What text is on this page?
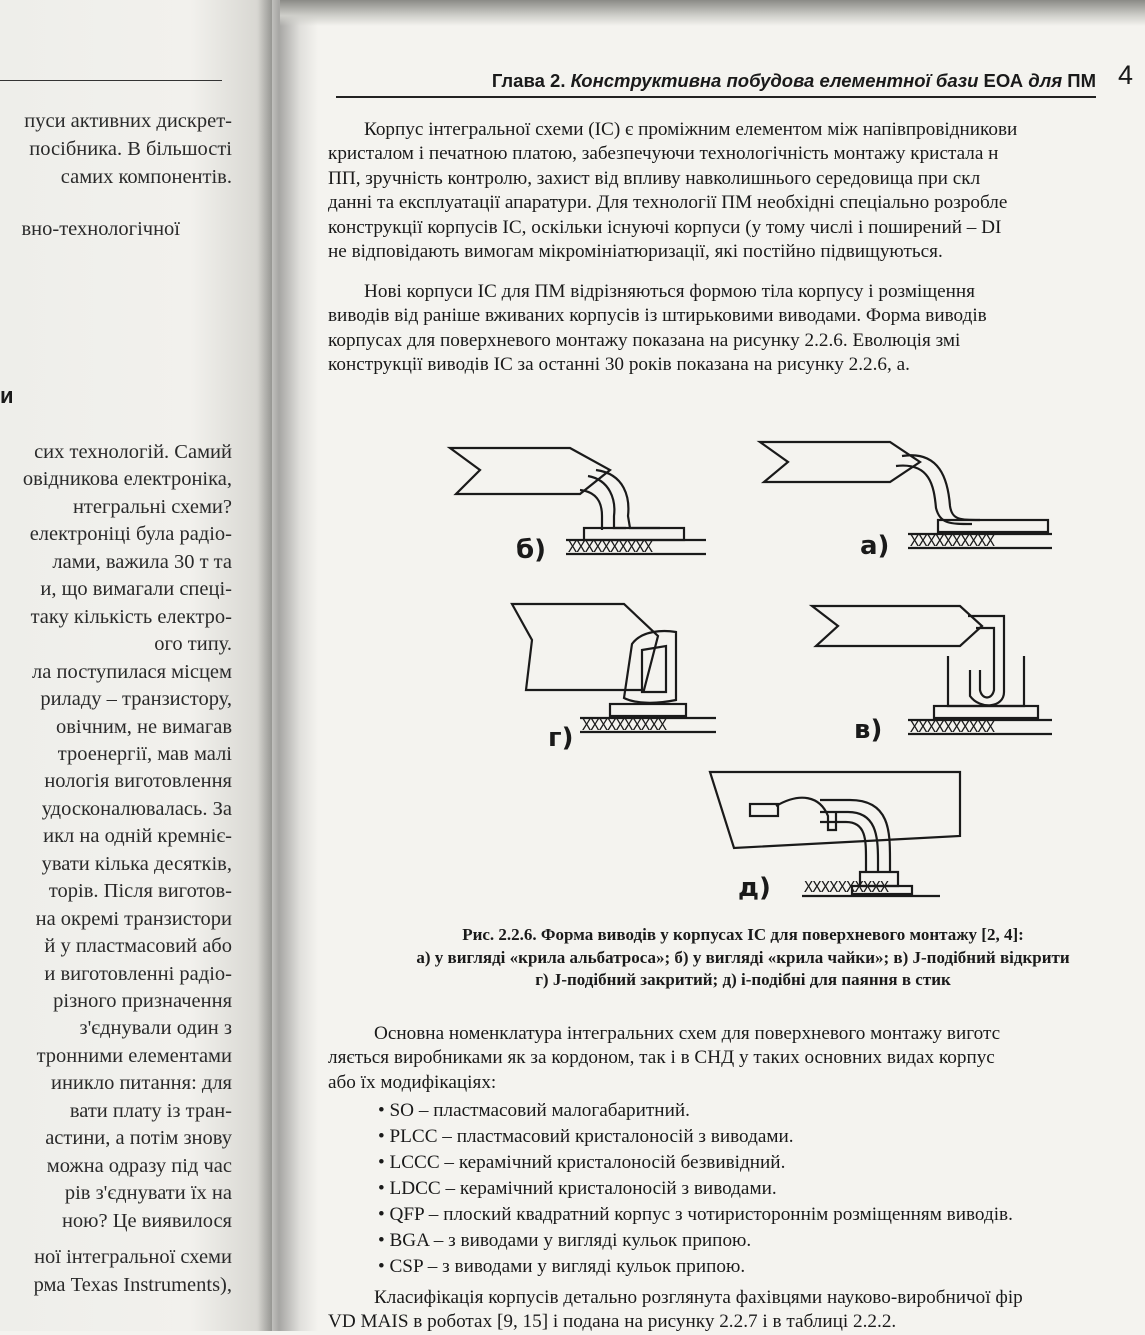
пуси активних дискрет-
посібника. В більшості
самих компонентів.
вно-технологічної
и
сих технологій. Самий
овідникова електроніка,
нтегральні схеми?
електроніці була радіо-
лами, важила 30 т та
и, що вимагали спеці-
таку кількість електро-
ого типу.
ла поступилася місцем
риладу – транзистору,
овічним, не вимагав
троенергії, мав малі
нологія виготовлення
удосконалювалась. За
икл на одній кремніє-
увати кілька десятків,
торів. Після виготов-
на окремі транзистори
й у пластмасовий або
и виготовленні радіо-
різного призначення
з'єднували один з
тронними елементами
иникло питання: для
вати плату із тран-
астини, а потім знову
можна одразу під час
рів з'єднувати їх на
ною? Це виявилося
ної інтегральної схеми
рма Texas Instruments),
Глава 2. Конструктивна побудова елементної бази ЕОА для ПМ 4
Корпус інтегральної схеми (ІС) є проміжним елементом між напівпровідникови
кристалом і печатною платою, забезпечуючи технологічність монтажу кристала н
ПП, зручність контролю, захист від впливу навколишнього середовища при скл
данні та експлуатації апаратури. Для технології ПМ необхідні спеціально розробле
конструкції корпусів ІС, оскільки існуючі корпуси (у тому числі і поширений – DI
не відповідають вимогам мікромініатюризації, які постійно підвищуються.
Нові корпуси ІС для ПМ відрізняються формою тіла корпусу і розміщення
виводів від раніше вживаних корпусів із штирьковими виводами. Форма виводів
корпусах для поверхневого монтажу показана на рисунку 2.2.6. Еволюція змі
конструкції виводів ІС за останні 30 років показана на рисунку 2.2.6, а.
б) XXXXXXXXXX	а) XXXXXXXXXX
г) XXXXXXXXXX	в) XXXXXXXXXX
д) XXXXXXXXXX
Рис. 2.2.6. Форма виводів у корпусах ІС для поверхневого монтажу [2, 4]:
а) у вигляді «крила альбатроса»; б) у вигляді «крила чайки»; в) J-подібний відкрити
г) J-подібний закритий; д) i-подібні для паяння в стик
Основна номенклатура інтегральних схем для поверхневого монтажу виготс
ляється виробниками як за кордоном, так і в СНД у таких основних видах корпус
або їх модифікаціях:
• SO – пластмасовий малогабаритний.
• PLCC – пластмасовий кристалоносій з виводами.
• LCCC – керамічний кристалоносій безвивідний.
• LDCC – керамічний кристалоносій з виводами.
• QFP – плоский квадратний корпус з чотиристороннім розміщенням виводів.
• BGA – з виводами у вигляді кульок припою.
• CSP – з виводами у вигляді кульок припою.
Класифікація корпусів детально розглянута фахівцями науково-виробничої фір
VD MAIS в роботах [9, 15] і подана на рисунку 2.2.7 і в таблиці 2.2.2.
